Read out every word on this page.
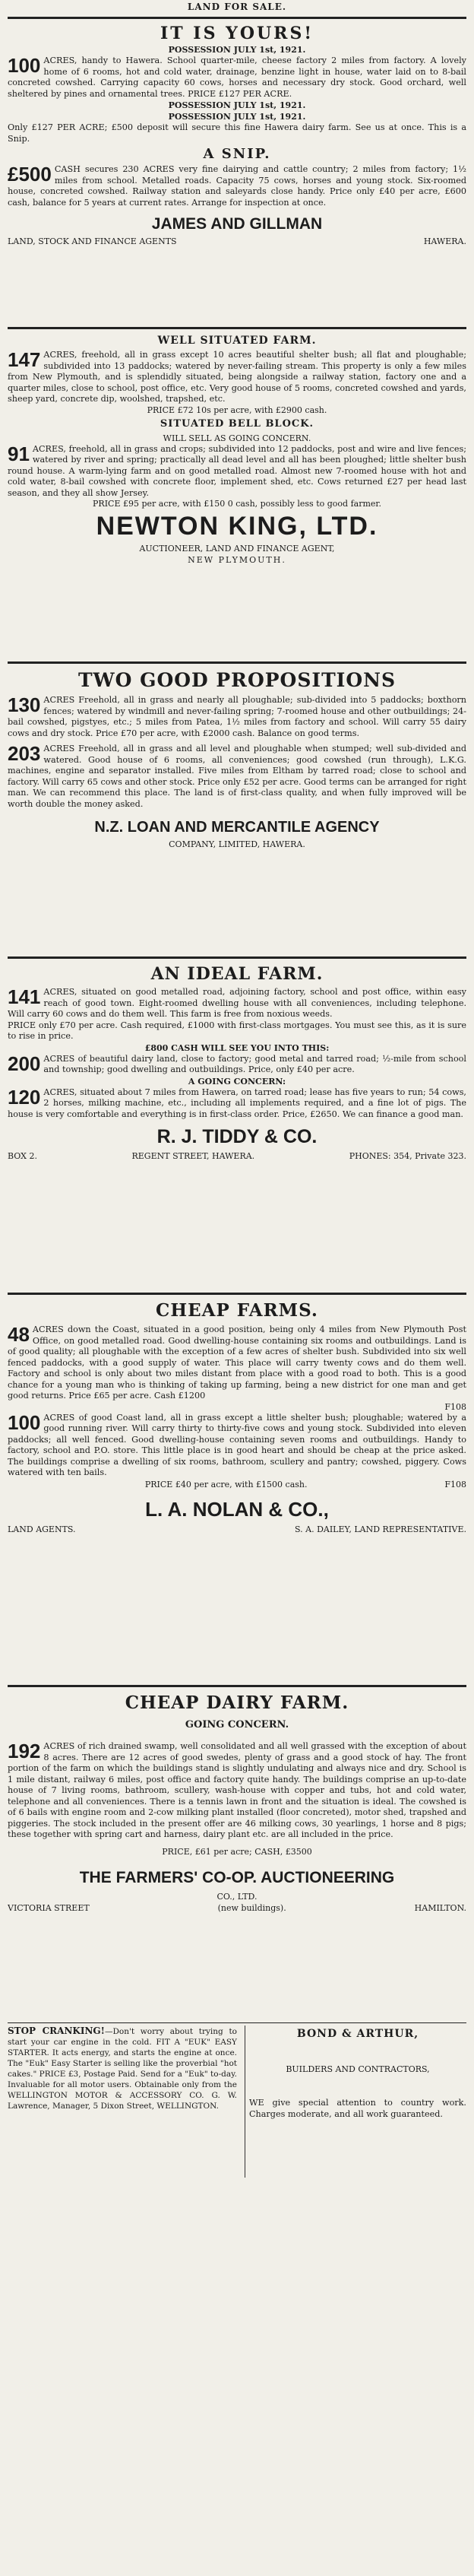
LAND FOR SALE.
IT IS YOURS!
POSSESSION JULY 1st, 1921.

100 ACRES, handy to Hawera. School quarter-mile, cheese factory 2 miles from factory. A lovely home of 6 rooms, hot and cold water, drainage, benzine light in house, water laid on to 8-bail concreted cowshed. Carrying capacity 60 cows, horses and necessary dry stock. Good orchard, well sheltered by pines and ornamental trees. PRICE £127 PER ACRE.

POSSESSION JULY 1st, 1921.
POSSESSION JULY 1st, 1921.

Only £127 PER ACRE; £500 deposit will secure this fine Hawera dairy farm. See us at once. This is a Snip.

A SNIP.

£500 CASH secures 230 ACRES very fine dairying and cattle country; 2 miles from factory; 1½ miles from school. Metalled roads. Capacity 75 cows, horses and young stock. Six-roomed house, concreted cowshed. Railway station and saleyards close handy. Price only £40 per acre, £600 cash, balance for 5 years at current rates. Arrange for inspection at once.

JAMES AND GILLMAN
LAND, STOCK AND FINANCE AGENTS	HAWERA.
WELL SITUATED FARM.

147 ACRES, freehold, all in grass except 10 acres beautiful shelter bush; all flat and ploughable; subdivided into 13 paddocks; watered by never-failing stream. This property is only a few miles from New Plymouth, and is splendidly situated, being alongside a railway station, factory one and a quarter miles, close to school, post office, etc. Very good house of 5 rooms, concreted cowshed and yards, sheep yard, concrete dip, woolshed, trapshed, etc.

PRICE £72 10s per acre, with £2900 cash.
SITUATED BELL BLOCK.
WILL SELL AS GOING CONCERN.

91 ACRES, freehold, all in grass and crops; subdivided into 12 paddocks, post and wire and live fences; watered by river and spring; practically all dead level and all has been ploughed; little shelter bush round house. A warm-lying farm and on good metalled road. Almost new 7-roomed house with hot and cold water, 8-bail cowshed with concrete floor, implement shed, etc. Cows returned £27 per head last season, and they all show Jersey.

PRICE £95 per acre, with £150 0 cash, possibly less to good farmer.
NEWTON KING, LTD.
AUCTIONEER, LAND AND FINANCE AGENT,
NEW PLYMOUTH.
TWO GOOD PROPOSITIONS

130 ACRES Freehold, all in grass and nearly all ploughable; sub-divided into 5 paddocks; boxthorn fences; watered by windmill and never-failing spring; 7-roomed house and other outbuildings; 24-bail cowshed, pigstyes, etc.; 5 miles from Patea, 1½ miles from factory and school. Will carry 55 dairy cows and dry stock. Price £70 per acre, with £2000 cash. Balance on good terms.

203 ACRES Freehold, all in grass and all level and ploughable when stumped; well sub-divided and watered. Good house of 6 rooms, all conveniences; good cowshed (run through), L.K.G. machines, engine and separator installed. Five miles from Eltham by tarred road; close to school and factory. Will carry 65 cows and other stock. Price only £52 per acre. Good terms can be arranged for right man. We can recommend this place. The land is of first-class quality, and when fully improved will be worth double the money asked.

N.Z. LOAN AND MERCANTILE AGENCY
COMPANY, LIMITED, HAWERA.
AN IDEAL FARM.

141 ACRES, situated on good metalled road, adjoining factory, school and post office, within easy reach of good town. Eight-roomed dwelling house with all conveniences, including telephone. Will carry 60 cows and do them well. This farm is free from noxious weeds.

PRICE only £70 per acre. Cash required, £1000 with first-class mortgages. You must see this, as it is sure to rise in price.

£800 CASH WILL SEE YOU INTO THIS:

200 ACRES of beautiful dairy land, close to factory; good metal and tarred road; ½-mile from school and township; good dwelling and outbuildings. Price, only £40 per acre.

A GOING CONCERN:

120 ACRES, situated about 7 miles from Hawera, on tarred road; lease has five years to run; 54 cows, 2 horses, milking machine, etc., including all implements required, and a fine lot of pigs. The house is very comfortable and everything is in first-class order. Price, £2650. We can finance a good man.

R. J. TIDDY & CO.
BOX 2.	REGENT STREET, HAWERA.	PHONES: 354, Private 323.
CHEAP FARMS.

48 ACRES down the Coast, situated in a good position, being only 4 miles from New Plymouth Post Office, on good metalled road. Good dwelling-house containing six rooms and outbuildings. Land is of good quality; all ploughable with the exception of a few acres of shelter bush. Subdivided into six well fenced paddocks, with a good supply of water. This place will carry twenty cows and do them well. Factory and school is only about two miles distant from place with a good road to both. This is a good chance for a young man who is thinking of taking up farming, being a new district for one man and get good returns. Price £65 per acre. Cash £1200

F108

100 ACRES of good Coast land, all in grass except a little shelter bush; ploughable; watered by a good running river. Will carry thirty to thirty-five cows and young stock. Subdivided into eleven paddocks; all well fenced. Good dwelling-house containing seven rooms and outbuildings. Handy to factory, school and P.O. store. This little place is in good heart and should be cheap at the price asked. The buildings comprise a dwelling of six rooms, bathroom, scullery and pantry; cowshed, piggery. Cows watered with ten bails.

PRICE £40 per acre, with £1500 cash.	F108
L. A. NOLAN & CO.,
LAND AGENTS.	S. A. DAILEY, LAND REPRESENTATIVE.
CHEAP DAIRY FARM.
GOING CONCERN.

192 ACRES of rich drained swamp, well consolidated and all well grassed with the exception of about 8 acres. There are 12 acres of good swedes, plenty of grass and a good stock of hay. The front portion of the farm on which the buildings stand is slightly undulating and always nice and dry. School is 1 mile distant, railway 6 miles, post office and factory quite handy. The buildings comprise an up-to-date house of 7 living rooms, bathroom, scullery, wash-house with copper and tubs, hot and cold water, telephone and all conveniences. There is a tennis lawn in front and the situation is ideal. The cowshed is of 6 bails with engine room and 2-cow milking plant installed (floor concreted), motor shed, trapshed and piggeries. The stock included in the present offer are 46 milking cows, 30 yearlings, 1 horse and 8 pigs; these together with spring cart and harness, dairy plant etc. are all included in the price.

PRICE, £61 per acre; CASH, £3500
THE FARMERS' CO-OP. AUCTIONEERING
CO., LTD.
VICTORIA STREET	(new buildings).	HAMILTON.

STOP CRANKING!—Don't worry about trying to start your car engine in the cold. FIT A "EUK" EASY STARTER. It acts energy, and starts the engine at once. The "Euk" Easy Starter is selling like the proverbial "hot cakes." PRICE £3, Postage Paid. Send for a "Euk" to-day. Invaluable for all motor users. Obtainable only from the WELLINGTON MOTOR & ACCESSORY CO. G. W. Lawrence, Manager, 5 Dixon Street, WELLINGTON.

BOND & ARTHUR,
BUILDERS AND CONTRACTORS,

WE give special attention to country work. Charges moderate, and all work guaranteed.
